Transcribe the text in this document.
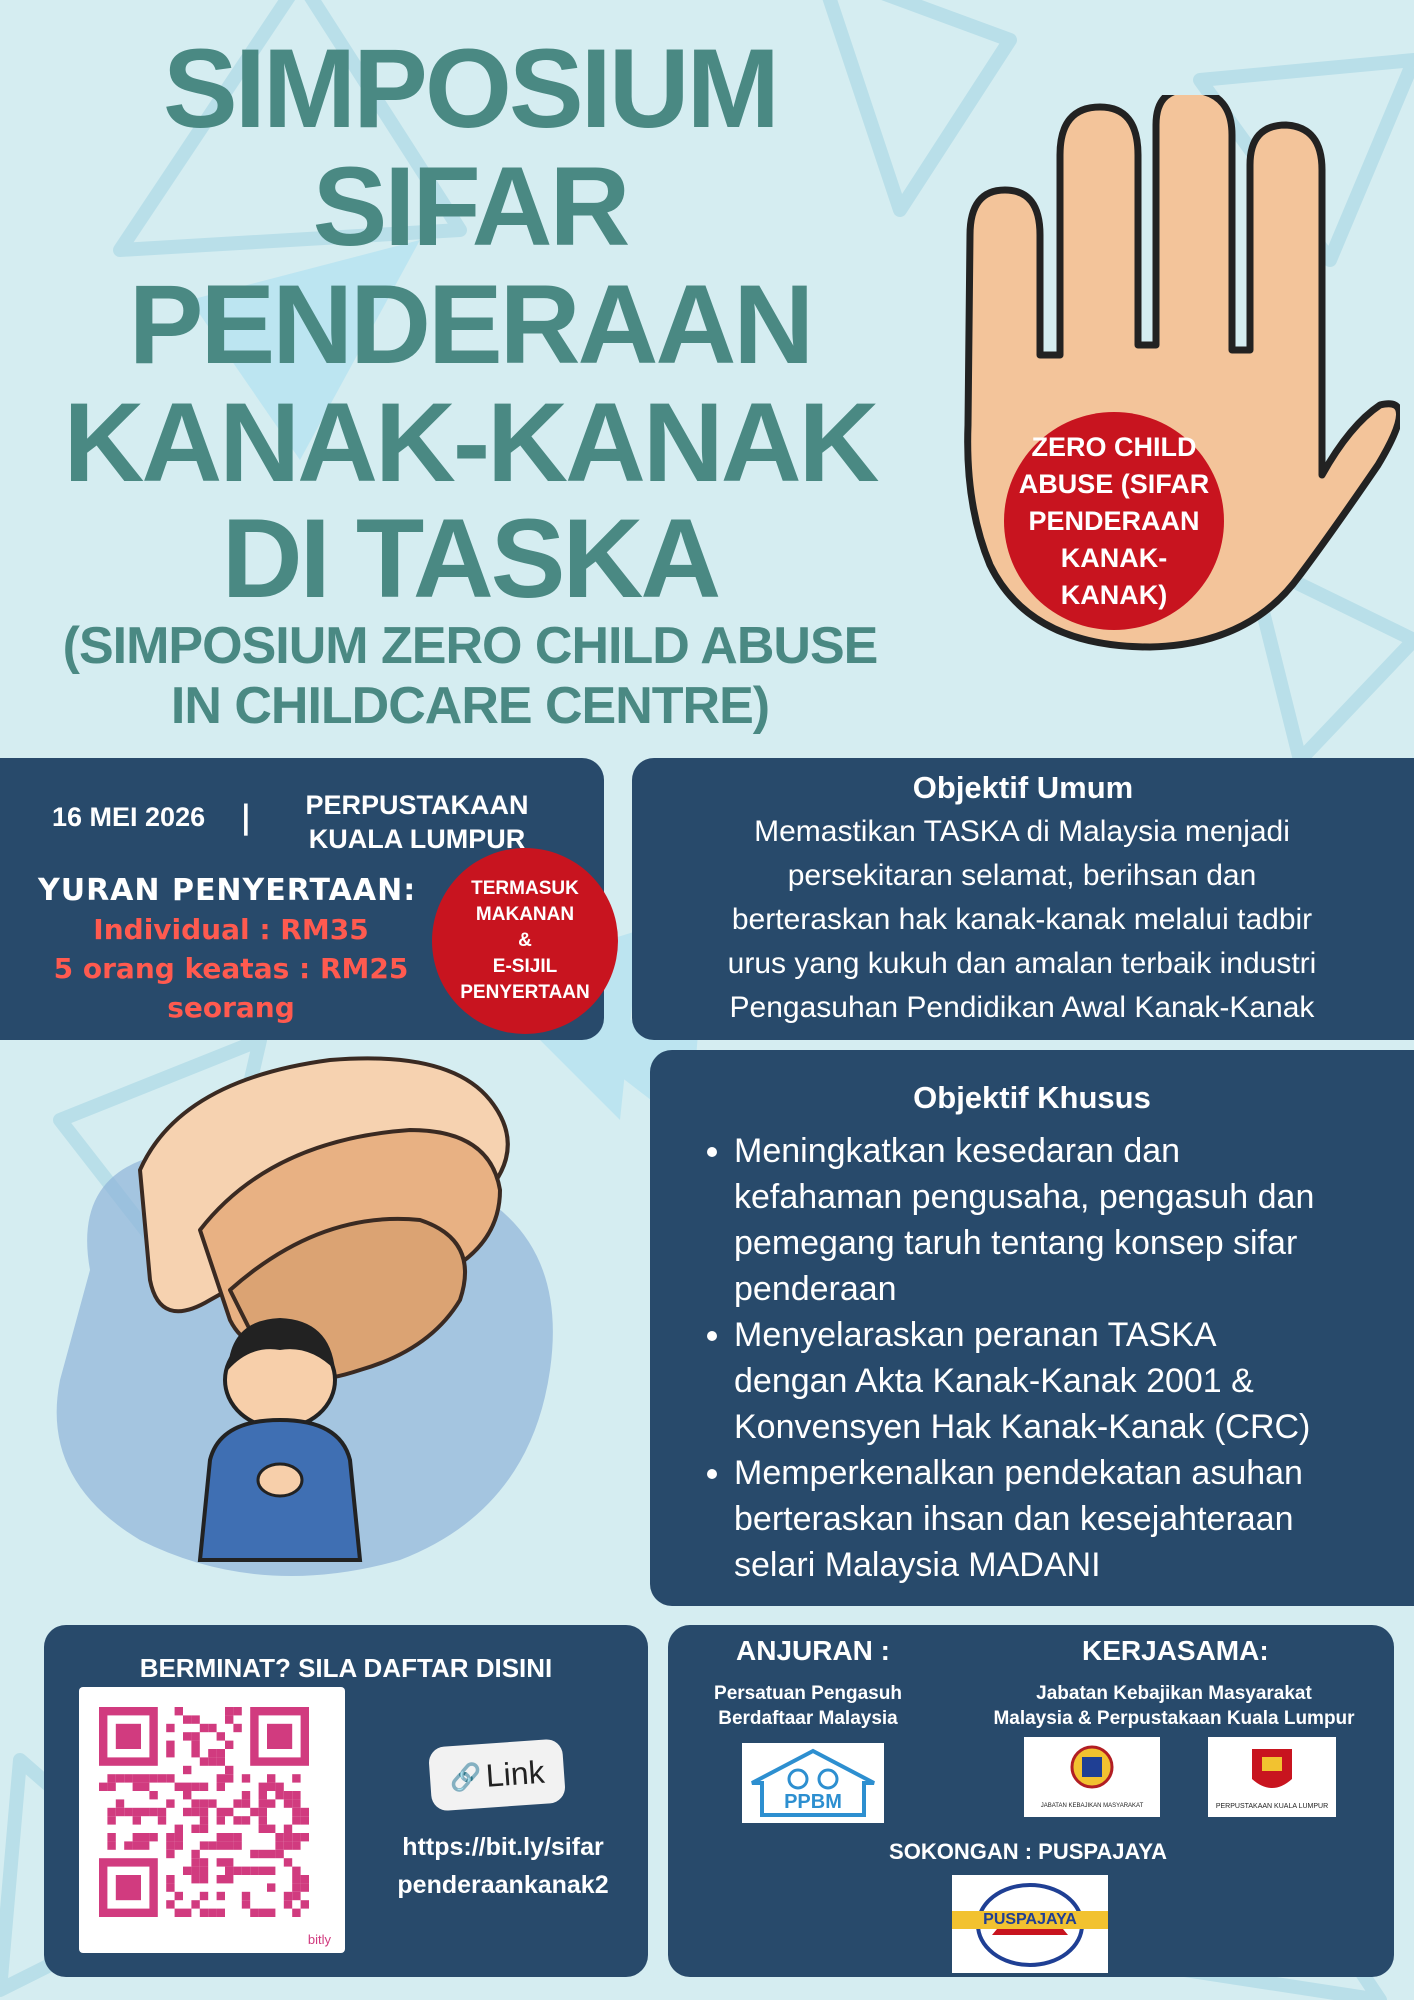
SIMPOSIUM
SIFAR
PENDERAAN
KANAK-KANAK
DI TASKA
(SIMPOSIUM ZERO CHILD ABUSE
IN CHILDCARE CENTRE)
ZERO CHILD
ABUSE (SIFAR
PENDERAAN
KANAK-
KANAK)
16 MEI 2026 |	PERPUSTAKAAN
KUALA LUMPUR
YURAN PENYERTAAN:
Individual : RM35
5 orang keatas : RM25
seorang
TERMASUK
MAKANAN
&
E-SIJIL
PENYERTAAN
Objektif Umum
Memastikan TASKA di Malaysia menjadi
persekitaran selamat, berihsan dan
berteraskan hak kanak-kanak melalui tadbir
urus yang kukuh dan amalan terbaik industri
Pengasuhan Pendidikan Awal Kanak-Kanak
Objektif Khusus
• Meningkatkan kesedaran dan
kefahaman pengusaha, pengasuh dan
pemegang taruh tentang konsep sifar
penderaan
• Menyelaraskan peranan TASKA
dengan Akta Kanak-Kanak 2001 &
Konvensyen Hak Kanak-Kanak (CRC)
• Memperkenalkan pendekatan asuhan
berteraskan ihsan dan kesejahteraan
selari Malaysia MADANI
BERMINAT? SILA DAFTAR DISINI
bitly
🔗 Link
https://bit.ly/sifar
penderaankanak2
ANJURAN :	KERJASAMA:
Persatuan Pengasuh
Berdaftaar Malaysia
Jabatan Kebajikan Masyarakat
Malaysia & Perpustakaan Kuala Lumpur
PPBM	JABATAN KEBAJIKAN MASYARAKAT	PERPUSTAKAAN KUALA LUMPUR
SOKONGAN : PUSPAJAYA
PUSPAJAYA
